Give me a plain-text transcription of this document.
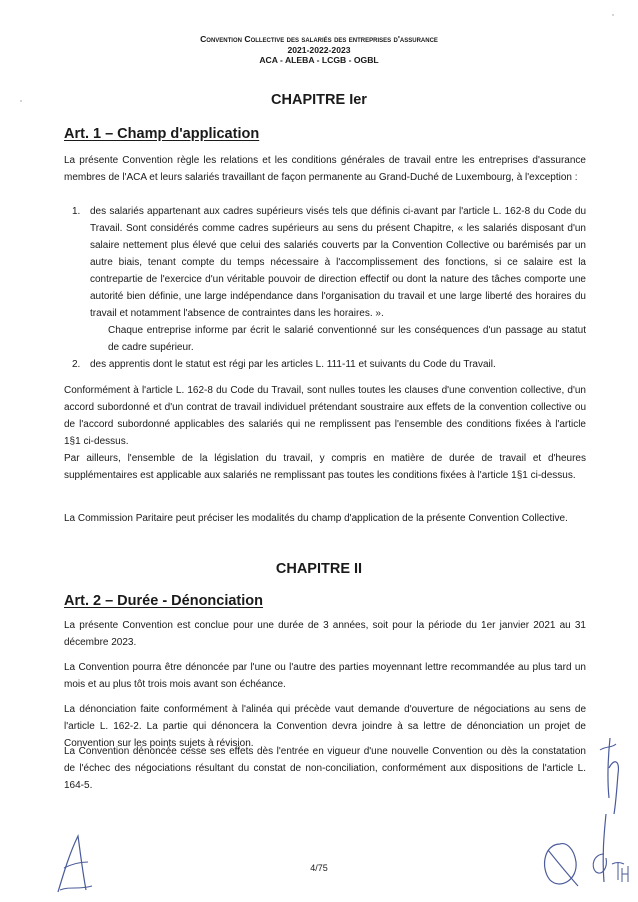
Convention Collective des salariés des entreprises d'assurance
2021-2022-2023
ACA - ALEBA - LCGB - OGBL
CHAPITRE Ier
Art. 1 – Champ d'application

La présente Convention règle les relations et les conditions générales de travail entre les entreprises d'assurance membres de l'ACA et leurs salariés travaillant de façon permanente au Grand-Duché de Luxembourg, à l'exception :

1. des salariés appartenant aux cadres supérieurs visés tels que définis ci-avant par l'article L. 162-8 du Code du Travail. Sont considérés comme cadres supérieurs au sens du présent Chapitre, « les salariés disposant d'un salaire nettement plus élevé que celui des salariés couverts par la Convention Collective ou barémisés par un autre biais, tenant compte du temps nécessaire à l'accomplissement des fonctions, si ce salaire est la contrepartie de l'exercice d'un véritable pouvoir de direction effectif ou dont la nature des tâches comporte une autorité bien définie, une large indépendance dans l'organisation du travail et une large liberté des horaires du travail et notamment l'absence de contraintes dans les horaires. ».

Chaque entreprise informe par écrit le salarié conventionné sur les conséquences d'un passage au statut de cadre supérieur.

2. des apprentis dont le statut est régi par les articles L. 111-11 et suivants du Code du Travail.

Conformément à l'article L. 162-8 du Code du Travail, sont nulles toutes les clauses d'une convention collective, d'un accord subordonné et d'un contrat de travail individuel prétendant soustraire aux effets de la convention collective ou de l'accord subordonné applicables des salariés qui ne remplissent pas l'ensemble des conditions fixées à l'article 1§1 ci-dessus.

Par ailleurs, l'ensemble de la législation du travail, y compris en matière de durée de travail et d'heures supplémentaires est applicable aux salariés ne remplissant pas toutes les conditions fixées à l'article 1§1 ci-dessus.

La Commission Paritaire peut préciser les modalités du champ d'application de la présente Convention Collective.

CHAPITRE II
Art. 2 – Durée - Dénonciation

La présente Convention est conclue pour une durée de 3 années, soit pour la période du 1er janvier 2021 au 31 décembre 2023.

La Convention pourra être dénoncée par l'une ou l'autre des parties moyennant lettre recommandée au plus tard un mois et au plus tôt trois mois avant son échéance.

La dénonciation faite conformément à l'alinéa qui précède vaut demande d'ouverture de négociations au sens de l'article L. 162-2. La partie qui dénoncera la Convention devra joindre à sa lettre de dénonciation un projet de Convention sur les points sujets à révision.

La Convention dénoncée cesse ses effets dès l'entrée en vigueur d'une nouvelle Convention ou dès la constatation de l'échec des négociations résultant du constat de non-conciliation, conformément aux dispositions de l'article L. 164-5.

4/75
